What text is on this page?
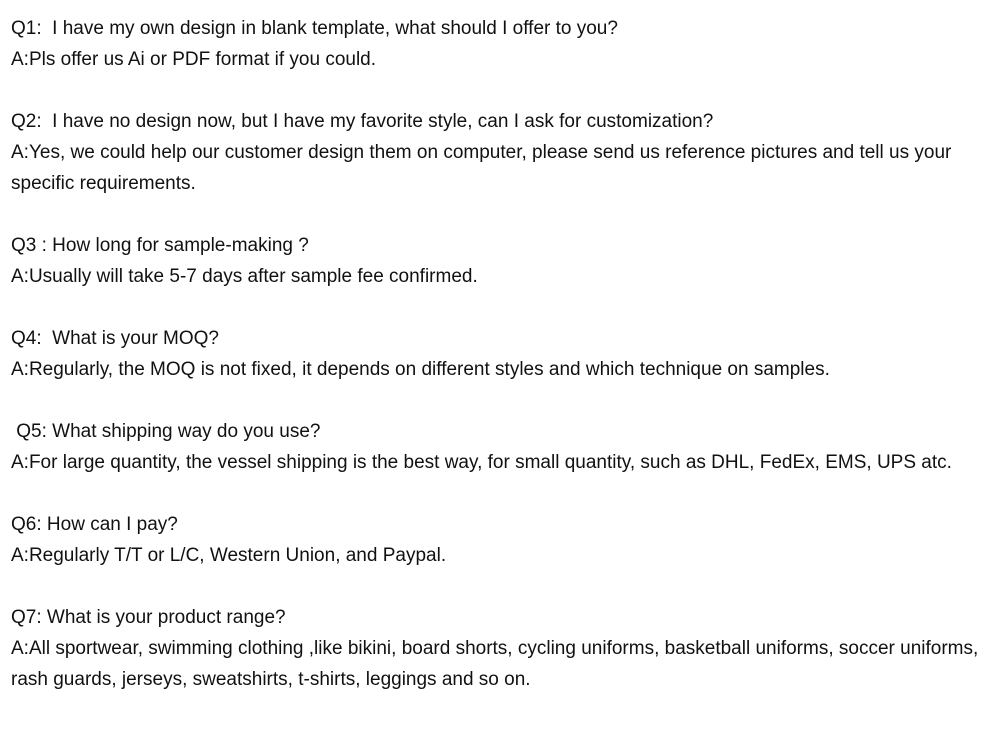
Q1:  I have my own design in blank template, what should I offer to you?

A:Pls offer us Ai or PDF format if you could.

Q2:  I have no design now, but I have my favorite style, can I ask for customization?

A:Yes, we could help our customer design them on computer, please send us reference pictures and tell us your specific requirements.

Q3 : How long for sample-making ?

A:Usually will take 5-7 days after sample fee confirmed.

Q4:  What is your MOQ?

A:Regularly, the MOQ is not fixed, it depends on different styles and which technique on samples.

Q5: What shipping way do you use?

A:For large quantity, the vessel shipping is the best way, for small quantity, such as DHL, FedEx, EMS, UPS atc.

Q6: How can I pay?

A:Regularly T/T or L/C, Western Union, and Paypal.

Q7: What is your product range?

A:All sportwear, swimming clothing ,like bikini, board shorts, cycling uniforms, basketball uniforms, soccer uniforms, rash guards, jerseys, sweatshirts, t-shirts, leggings and so on.
